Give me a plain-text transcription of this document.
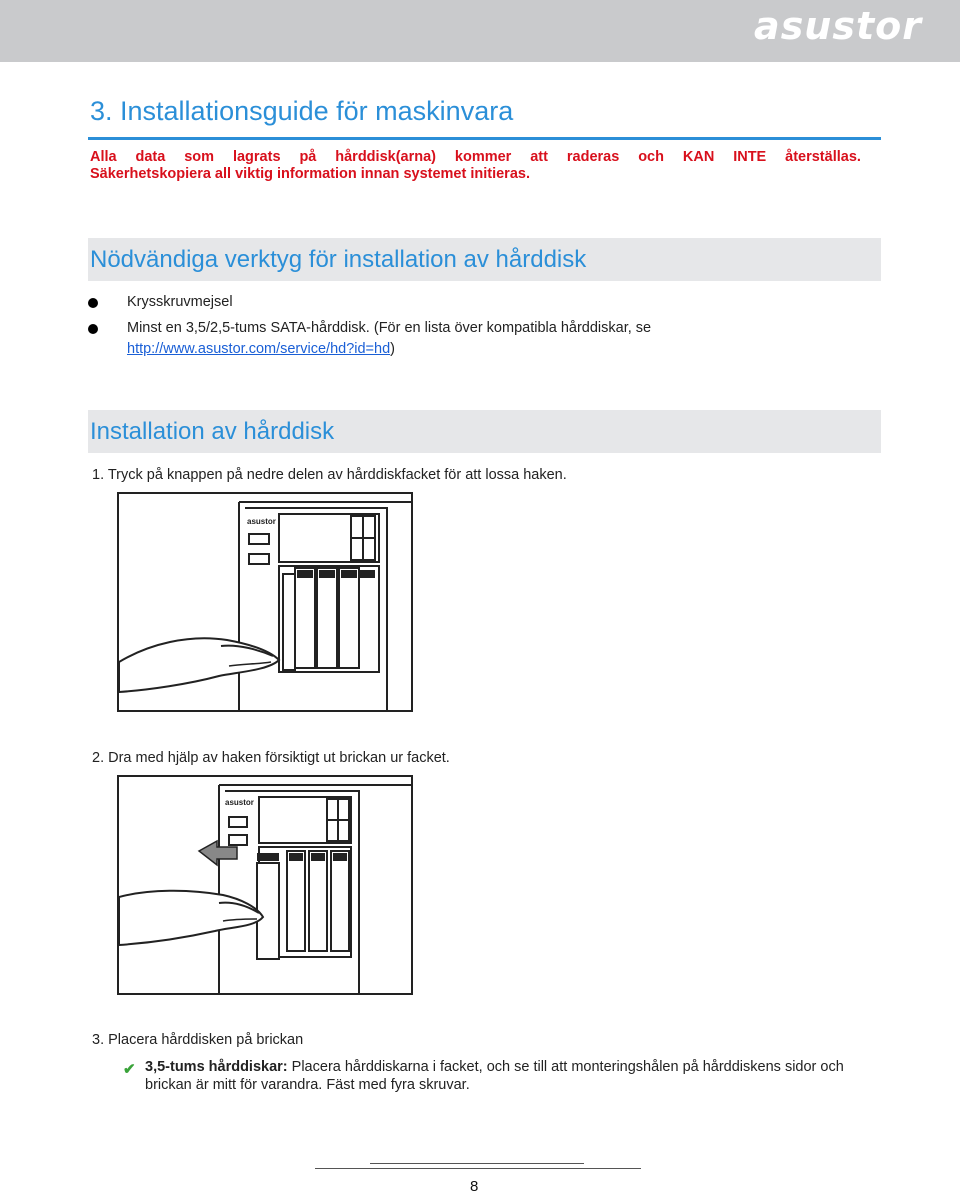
asustor
3. Installationsguide för maskinvara
Alla data som lagrats på hårddisk(arna) kommer att raderas och KAN INTE återställas.
Säkerhetskopiera all viktig information innan systemet initieras.
Nödvändiga verktyg för installation av hårddisk
Krysskruvmejsel
Minst en 3,5/2,5-tums SATA-hårddisk. (För en lista över kompatibla hårddiskar, se
http://www.asustor.com/service/hd?id=hd)
Installation av hårddisk
1. Tryck på knappen på nedre delen av hårddiskfacket för att lossa haken.
asustor
2. Dra med hjälp av haken försiktigt ut brickan ur facket.
asustor
3. Placera hårddisken på brickan
✔ 3,5-tums hårddiskar: Placera hårddiskarna i facket, och se till att monteringshålen på hårddiskens sidor och brickan är mitt för varandra. Fäst med fyra skruvar.
8
